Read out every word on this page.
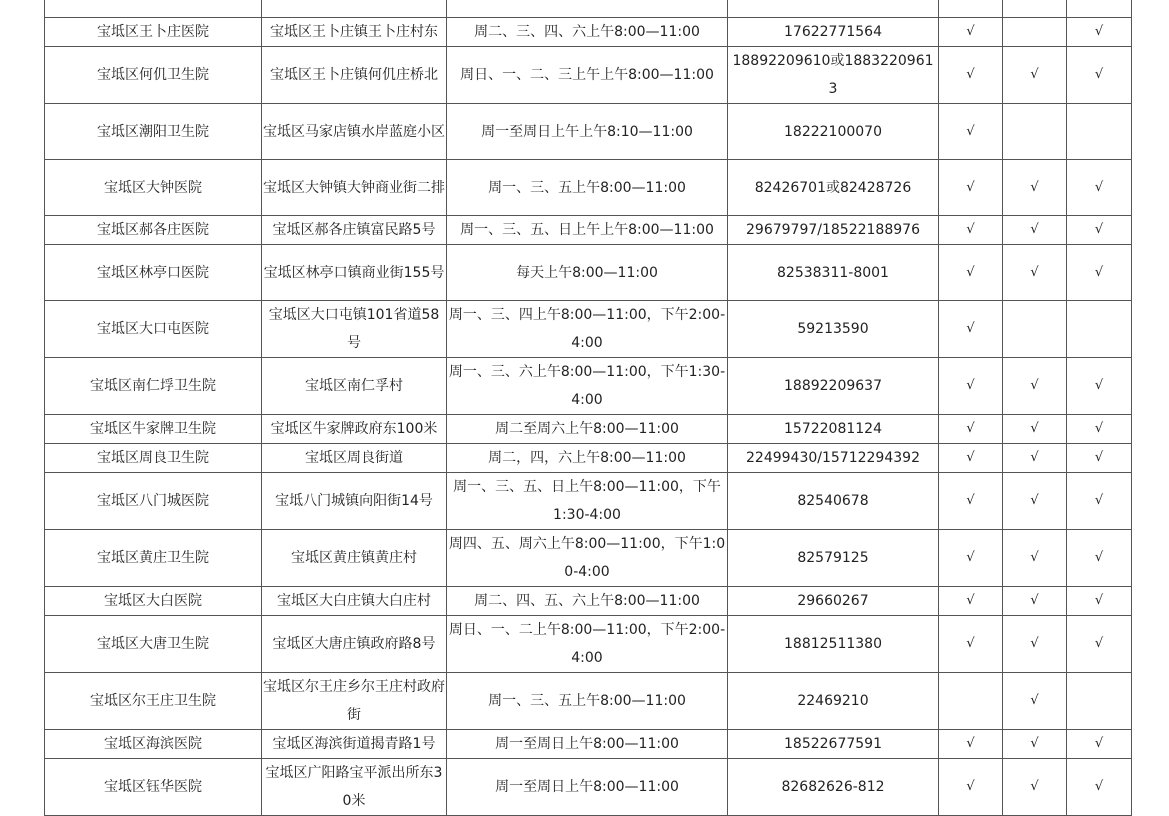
宝坻区王卜庄医院	宝坻区王卜庄镇王卜庄村东	周二、三、四、六上午8:00—11:00	17622771564	√		√
宝坻区何仉卫生院	宝坻区王卜庄镇何仉庄桥北	周日、一、二、三上午上午8:00—11:00	18892209610或18832209613	√	√	√
宝坻区潮阳卫生院	宝坻区马家店镇水岸蓝庭小区	周一至周日上午上午8:10—11:00	18222100070	√		
宝坻区大钟医院	宝坻区大钟镇大钟商业街二排	周一、三、五上午8:00—11:00	82426701或82428726	√	√	√
宝坻区郝各庄医院	宝坻区郝各庄镇富民路5号	周一、三、五、日上午上午8:00—11:00	29679797/18522188976	√	√	√
宝坻区林亭口医院	宝坻区林亭口镇商业街155号	每天上午8:00—11:00	82538311-8001	√	√	√
宝坻区大口屯医院	宝坻区大口屯镇101省道58号	周一、三、四上午8:00—11:00，下午2:00-4:00	59213590	√		
宝坻区南仁垺卫生院	宝坻区南仁孚村	周一、三、六上午8:00—11:00，下午1:30-4:00	18892209637	√	√	√
宝坻区牛家牌卫生院	宝坻区牛家牌政府东100米	周二至周六上午8:00—11:00	15722081124	√	√	√
宝坻区周良卫生院	宝坻区周良街道	周二，四，六上午8:00—11:00	22499430/15712294392	√	√	√
宝坻区八门城医院	宝坻八门城镇向阳街14号	周一、三、五、日上午8:00—11:00，下午1:30-4:00	82540678	√	√	√
宝坻区黄庄卫生院	宝坻区黄庄镇黄庄村	周四、五、周六上午8:00—11:00，下午1:00-4:00	82579125	√	√	√
宝坻区大白医院	宝坻区大白庄镇大白庄村	周二、四、五、六上午8:00—11:00	29660267	√	√	√
宝坻区大唐卫生院	宝坻区大唐庄镇政府路8号	周日、一、二上午8:00—11:00，下午2:00-4:00	18812511380	√	√	√
宝坻区尔王庄卫生院	宝坻区尔王庄乡尔王庄村政府街	周一、三、五上午8:00—11:00	22469210		√	
宝坻区海滨医院	宝坻区海滨街道揭青路1号	周一至周日上午8:00—11:00	18522677591	√	√	√
宝坻区钰华医院	宝坻区广阳路宝平派出所东30米	周一至周日上午8:00—11:00	82682626-812	√	√	√
